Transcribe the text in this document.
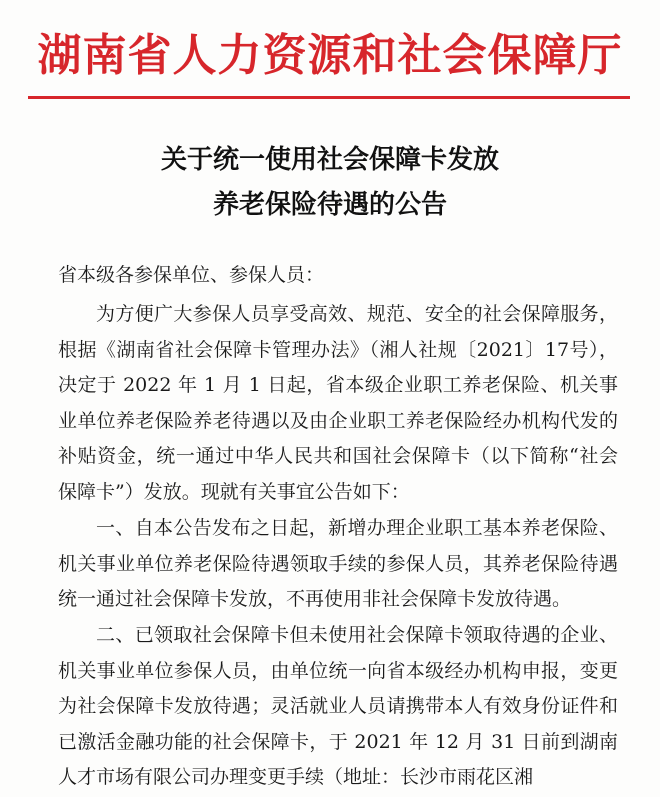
湖南省人力资源和社会保障厅
关于统一使用社会保障卡发放
养老保险待遇的公告
省本级各参保单位、参保人员：
为方便广大参保人员享受高效、规范、安全的社会保障服务，根据《湖南省社会保障卡管理办法》（湘人社规〔2021〕17号），决定于 2022 年 1 月 1 日起，省本级企业职工养老保险、机关事业单位养老保险养老待遇以及由企业职工养老保险经办机构代发的补贴资金，统一通过中华人民共和国社会保障卡（以下简称“社会保障卡”）发放。现就有关事宜公告如下：
一、自本公告发布之日起，新增办理企业职工基本养老保险、机关事业单位养老保险待遇领取手续的参保人员，其养老保险待遇统一通过社会保障卡发放，不再使用非社会保障卡发放待遇。
二、已领取社会保障卡但未使用社会保障卡领取待遇的企业、机关事业单位参保人员，由单位统一向省本级经办机构申报，变更为社会保障卡发放待遇；灵活就业人员请携带本人有效身份证件和已激活金融功能的社会保障卡，于 2021 年 12 月 31 日前到湖南人才市场有限公司办理变更手续（地址：长沙市雨花区湘
